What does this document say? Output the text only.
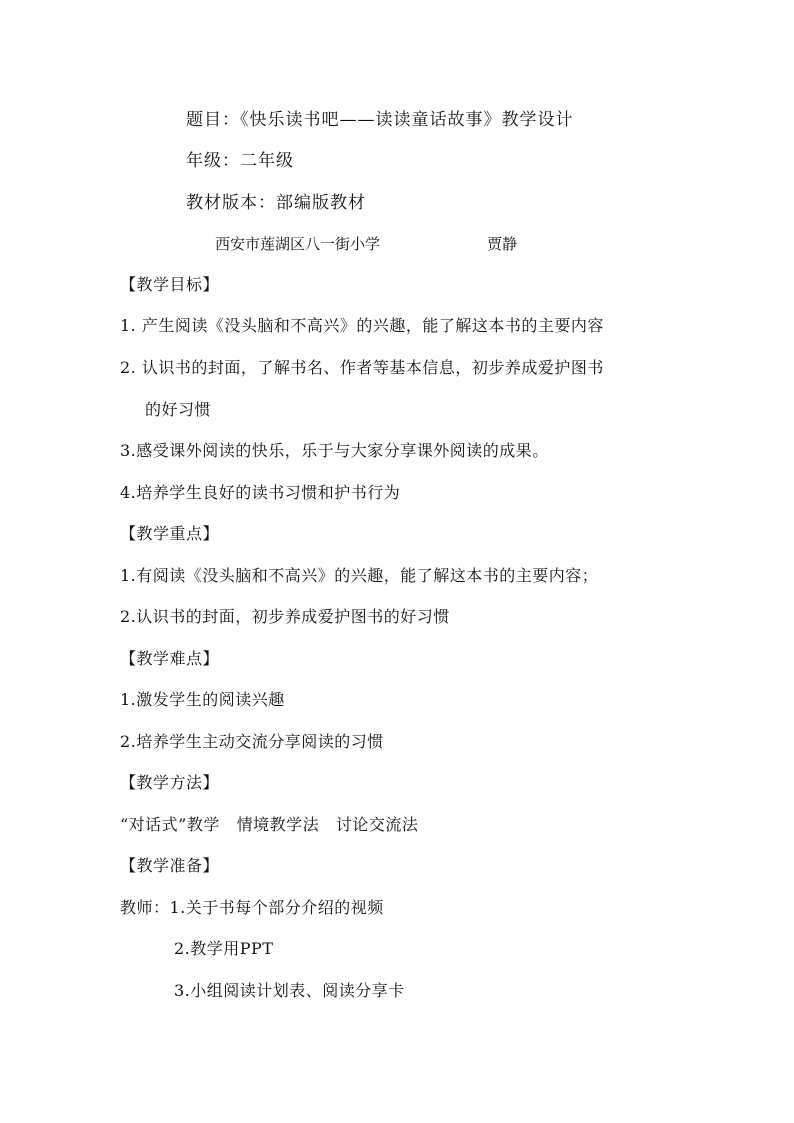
题目：《快乐读书吧——读读童话故事》教学设计
年级：二年级
教材版本：部编版教材
西安市莲湖区八一街小学	贾静
【教学目标】
1. 产生阅读《没头脑和不高兴》的兴趣，能了解这本书的主要内容
2. 认识书的封面，了解书名、作者等基本信息，初步养成爱护图书
的好习惯
3.感受课外阅读的快乐，乐于与大家分享课外阅读的成果。
4.培养学生良好的读书习惯和护书行为
【教学重点】
1.有阅读《没头脑和不高兴》的兴趣，能了解这本书的主要内容；
2.认识书的封面，初步养成爱护图书的好习惯
【教学难点】
1.激发学生的阅读兴趣
2.培养学生主动交流分享阅读的习惯
【教学方法】
“对话式”教学   情境教学法   讨论交流法
【教学准备】
教师：1.关于书每个部分介绍的视频
2.教学用PPT
3.小组阅读计划表、阅读分享卡
